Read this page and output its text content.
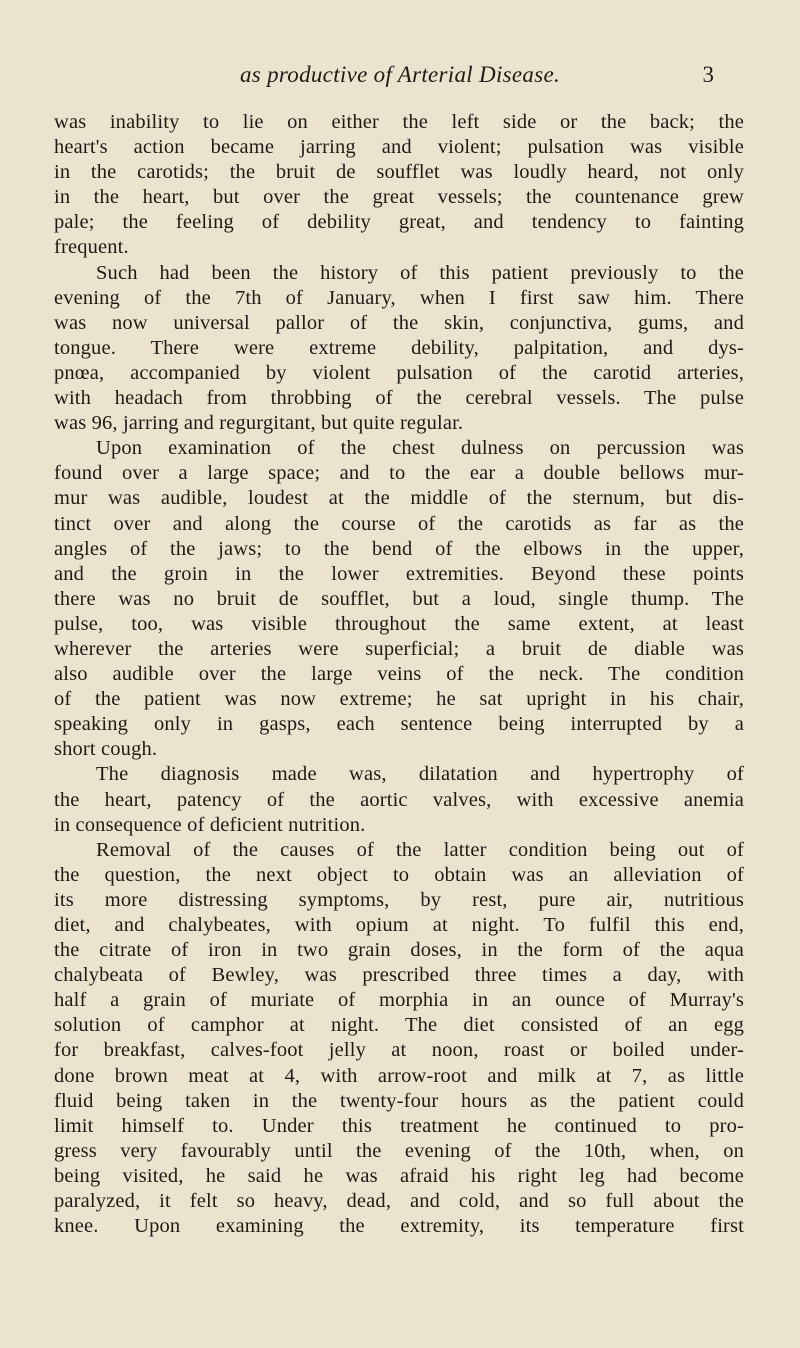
as productive of Arterial Disease.	3
was inability to lie on either the left side or the back; the
heart's action became jarring and violent; pulsation was visible
in the carotids; the bruit de soufflet was loudly heard, not only
in the heart, but over the great vessels; the countenance grew
pale; the feeling of debility great, and tendency to fainting
frequent.
Such had been the history of this patient previously to the
evening of the 7th of January, when I first saw him. There
was now universal pallor of the skin, conjunctiva, gums, and
tongue. There were extreme debility, palpitation, and dys-
pnœa, accompanied by violent pulsation of the carotid arteries,
with headach from throbbing of the cerebral vessels. The pulse
was 96, jarring and regurgitant, but quite regular.
Upon examination of the chest dulness on percussion was
found over a large space; and to the ear a double bellows mur-
mur was audible, loudest at the middle of the sternum, but dis-
tinct over and along the course of the carotids as far as the
angles of the jaws; to the bend of the elbows in the upper,
and the groin in the lower extremities. Beyond these points
there was no bruit de soufflet, but a loud, single thump. The
pulse, too, was visible throughout the same extent, at least
wherever the arteries were superficial; a bruit de diable was
also audible over the large veins of the neck. The condition
of the patient was now extreme; he sat upright in his chair,
speaking only in gasps, each sentence being interrupted by a
short cough.
The diagnosis made was, dilatation and hypertrophy of
the heart, patency of the aortic valves, with excessive anemia
in consequence of deficient nutrition.
Removal of the causes of the latter condition being out of
the question, the next object to obtain was an alleviation of
its more distressing symptoms, by rest, pure air, nutritious
diet, and chalybeates, with opium at night. To fulfil this end,
the citrate of iron in two grain doses, in the form of the aqua
chalybeata of Bewley, was prescribed three times a day, with
half a grain of muriate of morphia in an ounce of Murray's
solution of camphor at night. The diet consisted of an egg
for breakfast, calves-foot jelly at noon, roast or boiled under-
done brown meat at 4, with arrow-root and milk at 7, as little
fluid being taken in the twenty-four hours as the patient could
limit himself to. Under this treatment he continued to pro-
gress very favourably until the evening of the 10th, when, on
being visited, he said he was afraid his right leg had become
paralyzed, it felt so heavy, dead, and cold, and so full about the
knee. Upon examining the extremity, its temperature first
